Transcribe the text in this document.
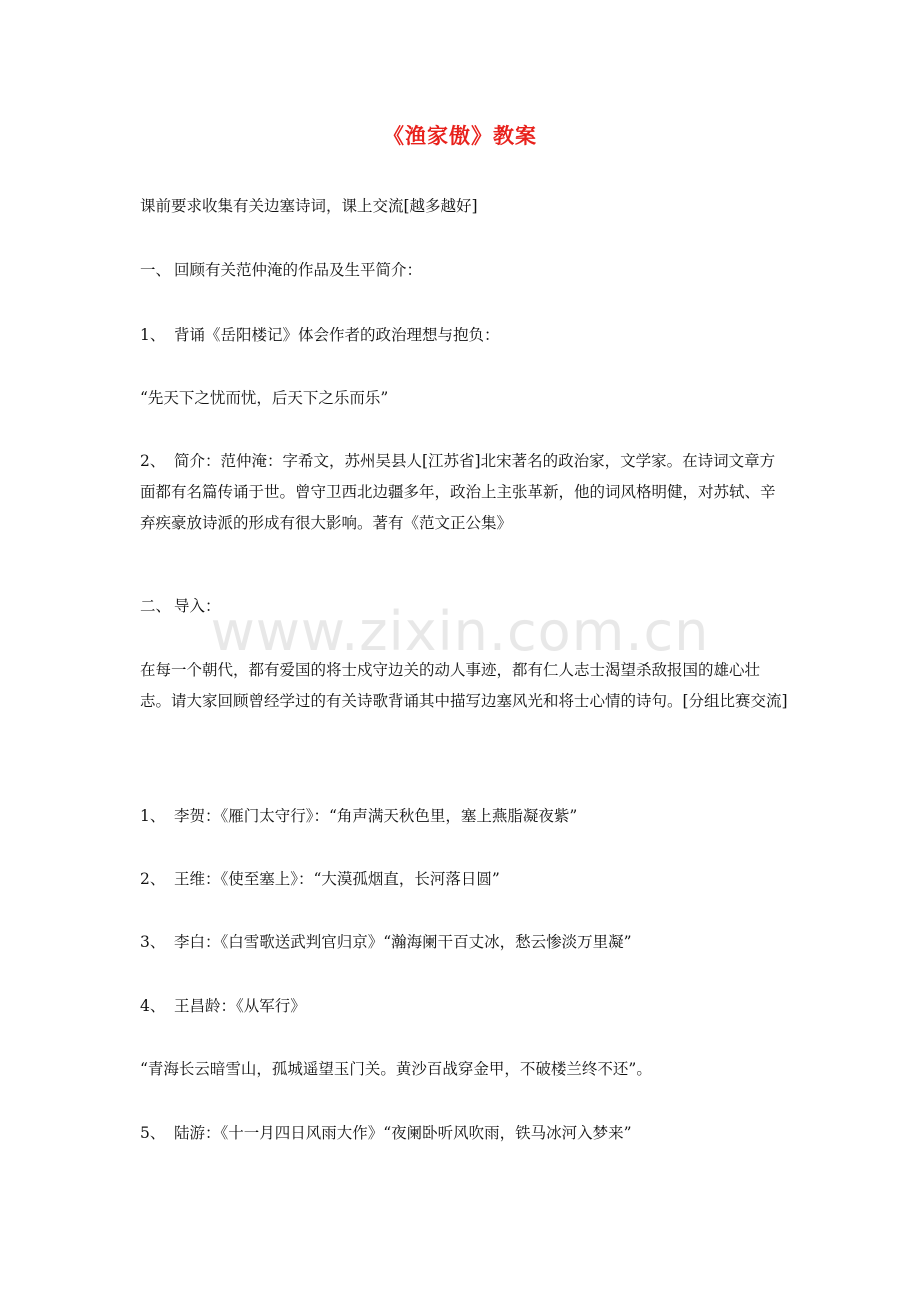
《渔家傲》教案
课前要求收集有关边塞诗词，课上交流[越多越好]
一、 回顾有关范仲淹的作品及生平简介：
1、 背诵《岳阳楼记》体会作者的政治理想与抱负：
“先天下之忧而忧，后天下之乐而乐”
2、 简介：范仲淹：字希文，苏州吴县人[江苏省]北宋著名的政治家，文学家。在诗词文章方面都有名篇传诵于世。曾守卫西北边疆多年，政治上主张革新，他的词风格明健，对苏轼、辛弃疾豪放诗派的形成有很大影响。著有《范文正公集》
二、 导入：
www.zixin.com.cn
在每一个朝代，都有爱国的将士戍守边关的动人事迹，都有仁人志士渴望杀敌报国的雄心壮志。请大家回顾曾经学过的有关诗歌背诵其中描写边塞风光和将士心情的诗句。[分组比赛交流]
1、 李贺：《雁门太守行》：“角声满天秋色里，塞上燕脂凝夜紫”
2、 王维：《使至塞上》：“大漠孤烟直，长河落日圆”
3、 李白：《白雪歌送武判官归京》“瀚海阑干百丈冰，愁云惨淡万里凝”
4、 王昌龄：《从军行》
“青海长云暗雪山，孤城遥望玉门关。黄沙百战穿金甲，不破楼兰终不还”。
5、 陆游：《十一月四日风雨大作》“夜阑卧听风吹雨，铁马冰河入梦来”
